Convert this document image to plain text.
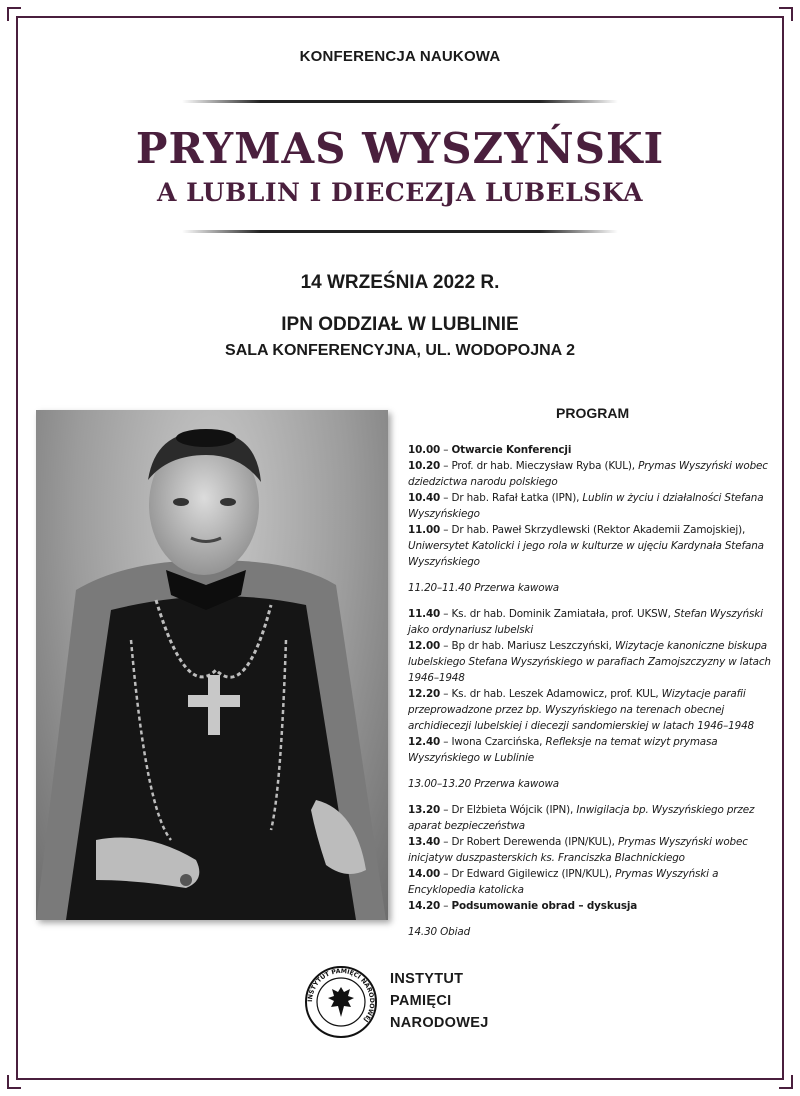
KONFERENCJA NAUKOWA
PRYMAS WYSZYŃSKI
A LUBLIN I DIECEZJA LUBELSKA
14 WRZEŚNIA 2022 R.
IPN ODDZIAŁ W LUBLINIE
SALA KONFERENCYJNA, UL. WODOPOJNA 2
PROGRAM
10.00 – Otwarcie Konferencji
10.20 – Prof. dr hab. Mieczysław Ryba (KUL), Prymas Wyszyński wobec dziedzictwa narodu polskiego
10.40 – Dr hab. Rafał Łatka (IPN), Lublin w życiu i działalności Stefana Wyszyńskiego
11.00 – Dr hab. Paweł Skrzydlewski (Rektor Akademii Zamojskiej), Uniwersytet Katolicki i jego rola w kulturze w ujęciu Kardynała Stefana Wyszyńskiego
11.20–11.40 Przerwa kawowa
11.40 – Ks. dr hab. Dominik Zamiatała, prof. UKSW, Stefan Wyszyński jako ordynariusz lubelski
12.00 – Bp dr hab. Mariusz Leszczyński, Wizytacje kanoniczne biskupa lubelskiego Stefana Wyszyńskiego w parafiach Zamojszczyzny w latach 1946–1948
12.20 – Ks. dr hab. Leszek Adamowicz, prof. KUL, Wizytacje parafii przeprowadzone przez bp. Wyszyńskiego na terenach obecnej archidiecezji lubelskiej i diecezji sandomierskiej w latach 1946–1948
12.40 – Iwona Czarcińska, Refleksje na temat wizyt prymasa Wyszyńskiego w Lublinie
13.00–13.20 Przerwa kawowa
13.20 – Dr Elżbieta Wójcik (IPN), Inwigilacja bp. Wyszyńskiego przez aparat bezpieczeństwa
13.40 – Dr Robert Derewenda (IPN/KUL), Prymas Wyszyński wobec inicjatyw duszpasterskich ks. Franciszka Blachnickiego
14.00 – Dr Edward Gigilewicz (IPN/KUL), Prymas Wyszyński a Encyklopedia katolicka
14.20 – Podsumowanie obrad – dyskusja
14.30 Obiad
INSTYTUT PAMIĘCI NARODOWEJ
INSTYTUT
PAMIĘCI
NARODOWEJ
